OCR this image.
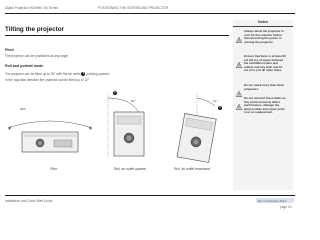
Digital Projection HIGHlite 740 Series	POSITIONING THE SCREEN AND PROJECTOR
Tilting the projector
Pitch
The projector can be positioned at any angle.
Roll and portrait mode
The projector can be tilted up to 90° with the air outlet 1 pointing upward.
In the opposite direction the projector can be tilted up to 12°.
360°
Pitch
90°
1
Roll, air outlet upward
12°
1
Roll, air outlet downward
Notes
Always allow the projector to cool for five minutes before disconnecting the power or moving the projector.
Ensure that there is at least 30 cm (12 in.) of space between the ventilation inlets and outlets and any wall, and 10 cm (4 in.) on all other sides.
Do not stack more than three projectors.
Do not connect these limits as this could seriously affect performance, damage the lamp module and cause extra cost on replacement.
Installation and Quick Start Guide	Rev 1 February 2014
page 13
